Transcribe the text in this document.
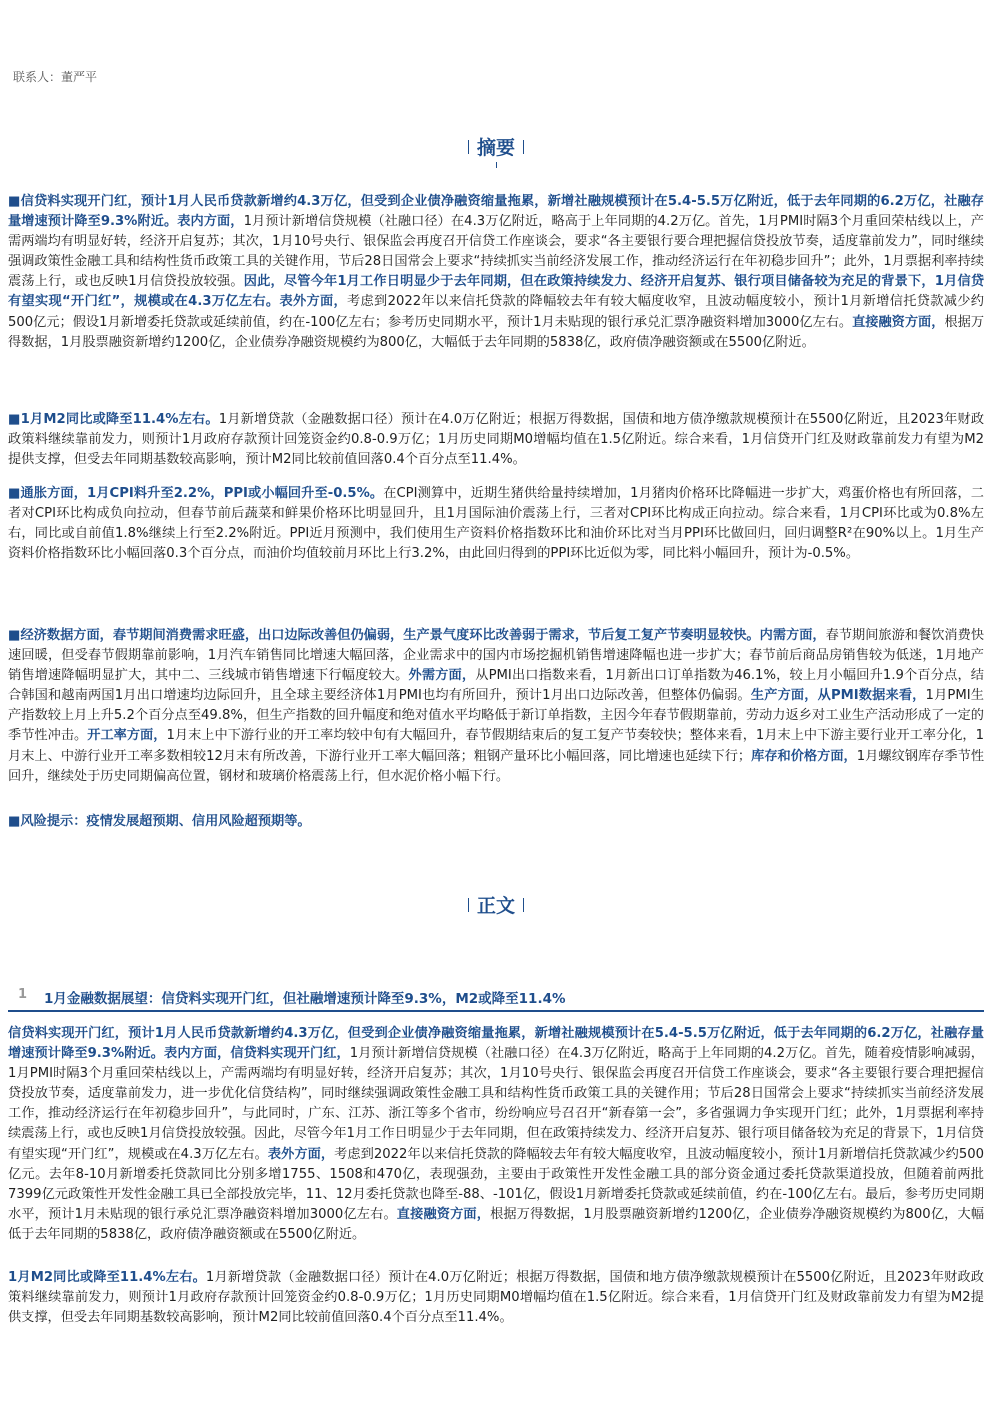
联系人：董严平
摘要

■信贷料实现开门红，预计1月人民币贷款新增约4.3万亿，但受到企业债净融资缩量拖累，新增社融规模预计在5.4-5.5万亿附近，低于去年同期的6.2万亿，社融存量增速预计降至9.3%附近。表内方面，1月预计新增信贷规模（社融口径）在4.3万亿附近，略高于上年同期的4.2万亿。首先，1月PMI时隔3个月重回荣枯线以上，产需两端均有明显好转，经济开启复苏；其次，1月10号央行、银保监会再度召开信贷工作座谈会，要求“各主要银行要合理把握信贷投放节奏，适度靠前发力”，同时继续强调政策性金融工具和结构性货币政策工具的关键作用，节后28日国常会上要求“持续抓实当前经济发展工作，推动经济运行在年初稳步回升”；此外，1月票据利率持续震荡上行，或也反映1月信贷投放较强。因此，尽管今年1月工作日明显少于去年同期，但在政策持续发力、经济开启复苏、银行项目储备较为充足的背景下，1月信贷有望实现“开门红”，规模或在4.3万亿左右。表外方面，考虑到2022年以来信托贷款的降幅较去年有较大幅度收窄，且波动幅度较小，预计1月新增信托贷款减少约500亿元；假设1月新增委托贷款或延续前值，约在-100亿左右；参考历史同期水平，预计1月未贴现的银行承兑汇票净融资料增加3000亿左右。直接融资方面，根据万得数据，1月股票融资新增约1200亿，企业债券净融资规模约为800亿，大幅低于去年同期的5838亿，政府债净融资额或在5500亿附近。

■1月M2同比或降至11.4%左右。1月新增贷款（金融数据口径）预计在4.0万亿附近；根据万得数据，国债和地方债净缴款规模预计在5500亿附近，且2023年财政政策料继续靠前发力，则预计1月政府存款预计回笼资金约0.8-0.9万亿；1月历史同期M0增幅均值在1.5亿附近。综合来看，1月信贷开门红及财政靠前发力有望为M2提供支撑，但受去年同期基数较高影响，预计M2同比较前值回落0.4个百分点至11.4%。

■通胀方面，1月CPI料升至2.2%，PPI或小幅回升至-0.5%。在CPI测算中，近期生猪供给量持续增加，1月猪肉价格环比降幅进一步扩大，鸡蛋价格也有所回落，二者对CPI环比构成负向拉动，但春节前后蔬菜和鲜果价格环比明显回升，且1月国际油价震荡上行，三者对CPI环比构成正向拉动。综合来看，1月CPI环比或为0.8%左右，同比或自前值1.8%继续上行至2.2%附近。PPI近月预测中，我们使用生产资料价格指数环比和油价环比对当月PPI环比做回归，回归调整R²在90%以上。1月生产资料价格指数环比小幅回落0.3个百分点，而油价均值较前月环比上行3.2%，由此回归得到的PPI环比近似为零，同比料小幅回升，预计为-0.5%。

■经济数据方面，春节期间消费需求旺盛，出口边际改善但仍偏弱，生产景气度环比改善弱于需求，节后复工复产节奏明显较快。内需方面，春节期间旅游和餐饮消费快速回暖，但受春节假期靠前影响，1月汽车销售同比增速大幅回落，企业需求中的国内市场挖掘机销售增速降幅也进一步扩大；春节前后商品房销售较为低迷，1月地产销售增速降幅明显扩大，其中二、三线城市销售增速下行幅度较大。外需方面，从PMI出口指数来看，1月新出口订单指数为46.1%，较上月小幅回升1.9个百分点，结合韩国和越南两国1月出口增速均边际回升，且全球主要经济体1月PMI也均有所回升，预计1月出口边际改善，但整体仍偏弱。生产方面，从PMI数据来看，1月PMI生产指数较上月上升5.2个百分点至49.8%，但生产指数的回升幅度和绝对值水平均略低于新订单指数，主因今年春节假期靠前，劳动力返乡对工业生产活动形成了一定的季节性冲击。开工率方面，1月末上中下游行业的开工率均较中旬有大幅回升，春节假期结束后的复工复产节奏较快；整体来看，1月末上中下游主要行业开工率分化，1月末上、中游行业开工率多数相较12月末有所改善，下游行业开工率大幅回落；粗钢产量环比小幅回落，同比增速也延续下行；库存和价格方面，1月螺纹钢库存季节性回升，继续处于历史同期偏高位置，钢材和玻璃价格震荡上行，但水泥价格小幅下行。

■风险提示：疫情发展超预期、信用风险超预期等。

正文
1 1月金融数据展望：信贷料实现开门红，但社融增速预计降至9.3%，M2或降至11.4%

信贷料实现开门红，预计1月人民币贷款新增约4.3万亿，但受到企业债净融资缩量拖累，新增社融规模预计在5.4-5.5万亿附近，低于去年同期的6.2万亿，社融存量增速预计降至9.3%附近。表内方面，信贷料实现开门红，1月预计新增信贷规模（社融口径）在4.3万亿附近，略高于上年同期的4.2万亿。首先，随着疫情影响减弱，1月PMI时隔3个月重回荣枯线以上，产需两端均有明显好转，经济开启复苏；其次，1月10号央行、银保监会再度召开信贷工作座谈会，要求“各主要银行要合理把握信贷投放节奏，适度靠前发力，进一步优化信贷结构”，同时继续强调政策性金融工具和结构性货币政策工具的关键作用；节后28日国常会上要求“持续抓实当前经济发展工作，推动经济运行在年初稳步回升”，与此同时，广东、江苏、浙江等多个省市，纷纷响应号召召开“新春第一会”，多省强调力争实现开门红；此外，1月票据利率持续震荡上行，或也反映1月信贷投放较强。因此，尽管今年1月工作日明显少于去年同期，但在政策持续发力、经济开启复苏、银行项目储备较为充足的背景下，1月信贷有望实现“开门红”，规模或在4.3万亿左右。表外方面，考虑到2022年以来信托贷款的降幅较去年有较大幅度收窄，且波动幅度较小，预计1月新增信托贷款减少约500亿元。去年8-10月新增委托贷款同比分别多增1755、1508和470亿，表现强劲，主要由于政策性开发性金融工具的部分资金通过委托贷款渠道投放，但随着前两批7399亿元政策性开发性金融工具已全部投放完毕，11、12月委托贷款也降至-88、-101亿，假设1月新增委托贷款或延续前值，约在-100亿左右。最后，参考历史同期水平，预计1月未贴现的银行承兑汇票净融资料增加3000亿左右。直接融资方面，根据万得数据，1月股票融资新增约1200亿，企业债券净融资规模约为800亿，大幅低于去年同期的5838亿，政府债净融资额或在5500亿附近。

1月M2同比或降至11.4%左右。1月新增贷款（金融数据口径）预计在4.0万亿附近；根据万得数据，国债和地方债净缴款规模预计在5500亿附近，且2023年财政政策料继续靠前发力，则预计1月政府存款预计回笼资金约0.8-0.9万亿；1月历史同期M0增幅均值在1.5亿附近。综合来看，1月信贷开门红及财政靠前发力有望为M2提供支撑，但受去年同期基数较高影响，预计M2同比较前值回落0.4个百分点至11.4%。
